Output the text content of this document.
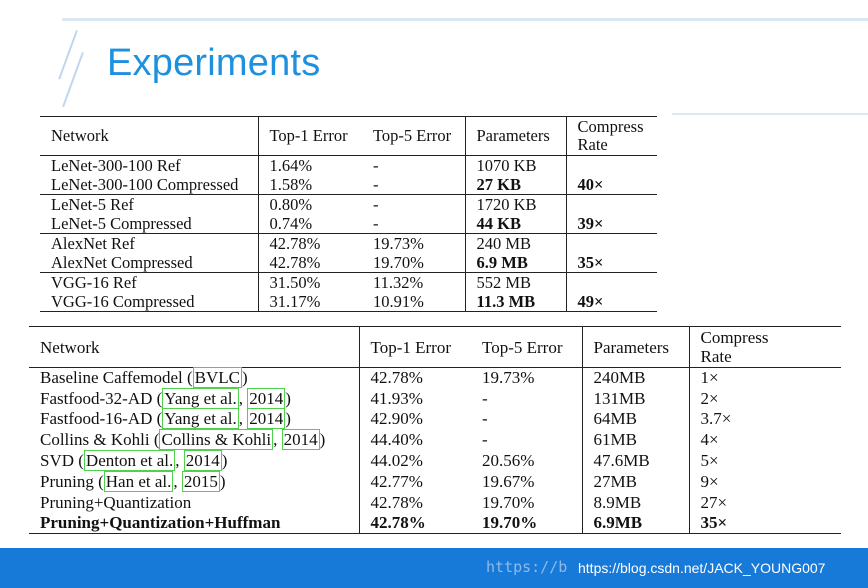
Experiments
Network	Top-1 Error	Top-5 Error	Parameters	Compress
Rate
LeNet-300-100 Ref	1.64%	-	1070 KB	
LeNet-300-100 Compressed	1.58%	-	27 KB	40×
LeNet-5 Ref	0.80%	-	1720 KB	
LeNet-5 Compressed	0.74%	-	44 KB	39×
AlexNet Ref	42.78%	19.73%	240 MB	
AlexNet Compressed	42.78%	19.70%	6.9 MB	35×
VGG-16 Ref	31.50%	11.32%	552 MB	
VGG-16 Compressed	31.17%	10.91%	11.3 MB	49×
Network	Top-1 Error	Top-5 Error	Parameters	Compress
Rate
Baseline Caffemodel ( BVLC )	42.78%	19.73%	240MB	1×
Fastfood-32-AD ( Yang et al. , 2014 )	41.93%	-	131MB	2×
Fastfood-16-AD ( Yang et al. , 2014 )	42.90%	-	64MB	3.7×
Collins & Kohli ( Collins & Kohli , 2014 )	44.40%	-	61MB	4×
SVD ( Denton et al. , 2014 )	44.02%	20.56%	47.6MB	5×
Pruning ( Han et al. , 2015 )	42.77%	19.67%	27MB	9×
Pruning+Quantization	42.78%	19.70%	8.9MB	27×
Pruning+Quantization+Huffman	42.78%	19.70%	6.9MB	35×
https://b https://blog.csdn.net/JACK_YOUNG007
